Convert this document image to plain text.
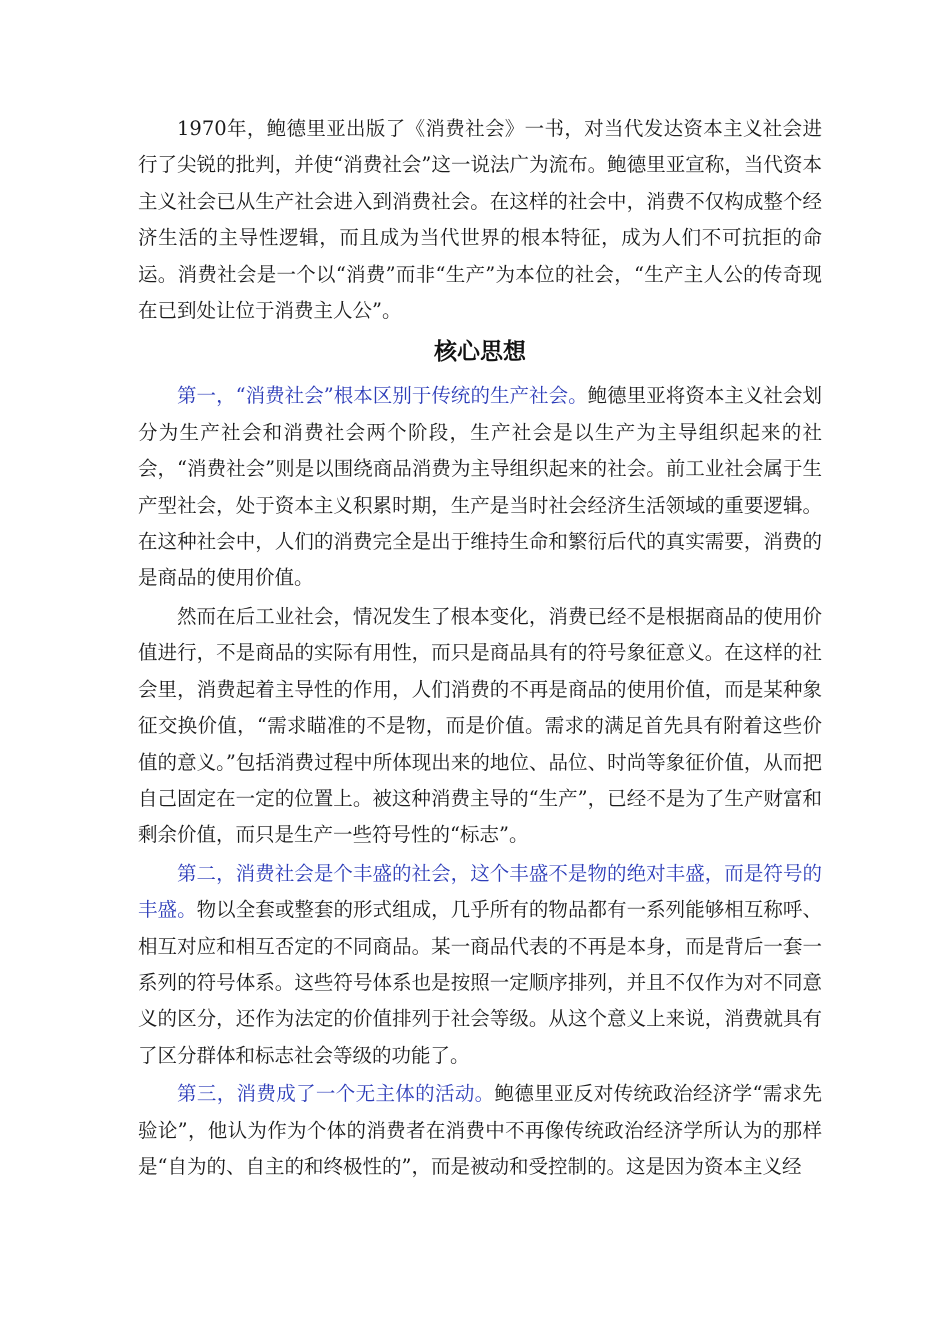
1970年，鲍德里亚出版了《消费社会》一书，对当代发达资本主义社会进行了尖锐的批判，并使“消费社会”这一说法广为流布。鲍德里亚宣称，当代资本主义社会已从生产社会进入到消费社会。在这样的社会中，消费不仅构成整个经济生活的主导性逻辑，而且成为当代世界的根本特征，成为人们不可抗拒的命运。消费社会是一个以“消费”而非“生产”为本位的社会，“生产主人公的传奇现在已到处让位于消费主人公”。

核心思想

第一，“消费社会”根本区别于传统的生产社会。鲍德里亚将资本主义社会划分为生产社会和消费社会两个阶段，生产社会是以生产为主导组织起来的社会，“消费社会”则是以围绕商品消费为主导组织起来的社会。前工业社会属于生产型社会，处于资本主义积累时期，生产是当时社会经济生活领域的重要逻辑。在这种社会中，人们的消费完全是出于维持生命和繁衍后代的真实需要，消费的是商品的使用价值。

然而在后工业社会，情况发生了根本变化，消费已经不是根据商品的使用价值进行，不是商品的实际有用性，而只是商品具有的符号象征意义。在这样的社会里，消费起着主导性的作用，人们消费的不再是商品的使用价值，而是某种象征交换价值，“需求瞄准的不是物，而是价值。需求的满足首先具有附着这些价值的意义。”包括消费过程中所体现出来的地位、品位、时尚等象征价值，从而把自己固定在一定的位置上。被这种消费主导的“生产”，已经不是为了生产财富和剩余价值，而只是生产一些符号性的“标志”。

第二，消费社会是个丰盛的社会，这个丰盛不是物的绝对丰盛，而是符号的丰盛。物以全套或整套的形式组成，几乎所有的物品都有一系列能够相互称呼、相互对应和相互否定的不同商品。某一商品代表的不再是本身，而是背后一套一系列的符号体系。这些符号体系也是按照一定顺序排列，并且不仅作为对不同意义的区分，还作为法定的价值排列于社会等级。从这个意义上来说，消费就具有了区分群体和标志社会等级的功能了。

第三，消费成了一个无主体的活动。鲍德里亚反对传统政治经济学“需求先验论”，他认为作为个体的消费者在消费中不再像传统政治经济学所认为的那样是“自为的、自主的和终极性的”，而是被动和受控制的。这是因为资本主义经
